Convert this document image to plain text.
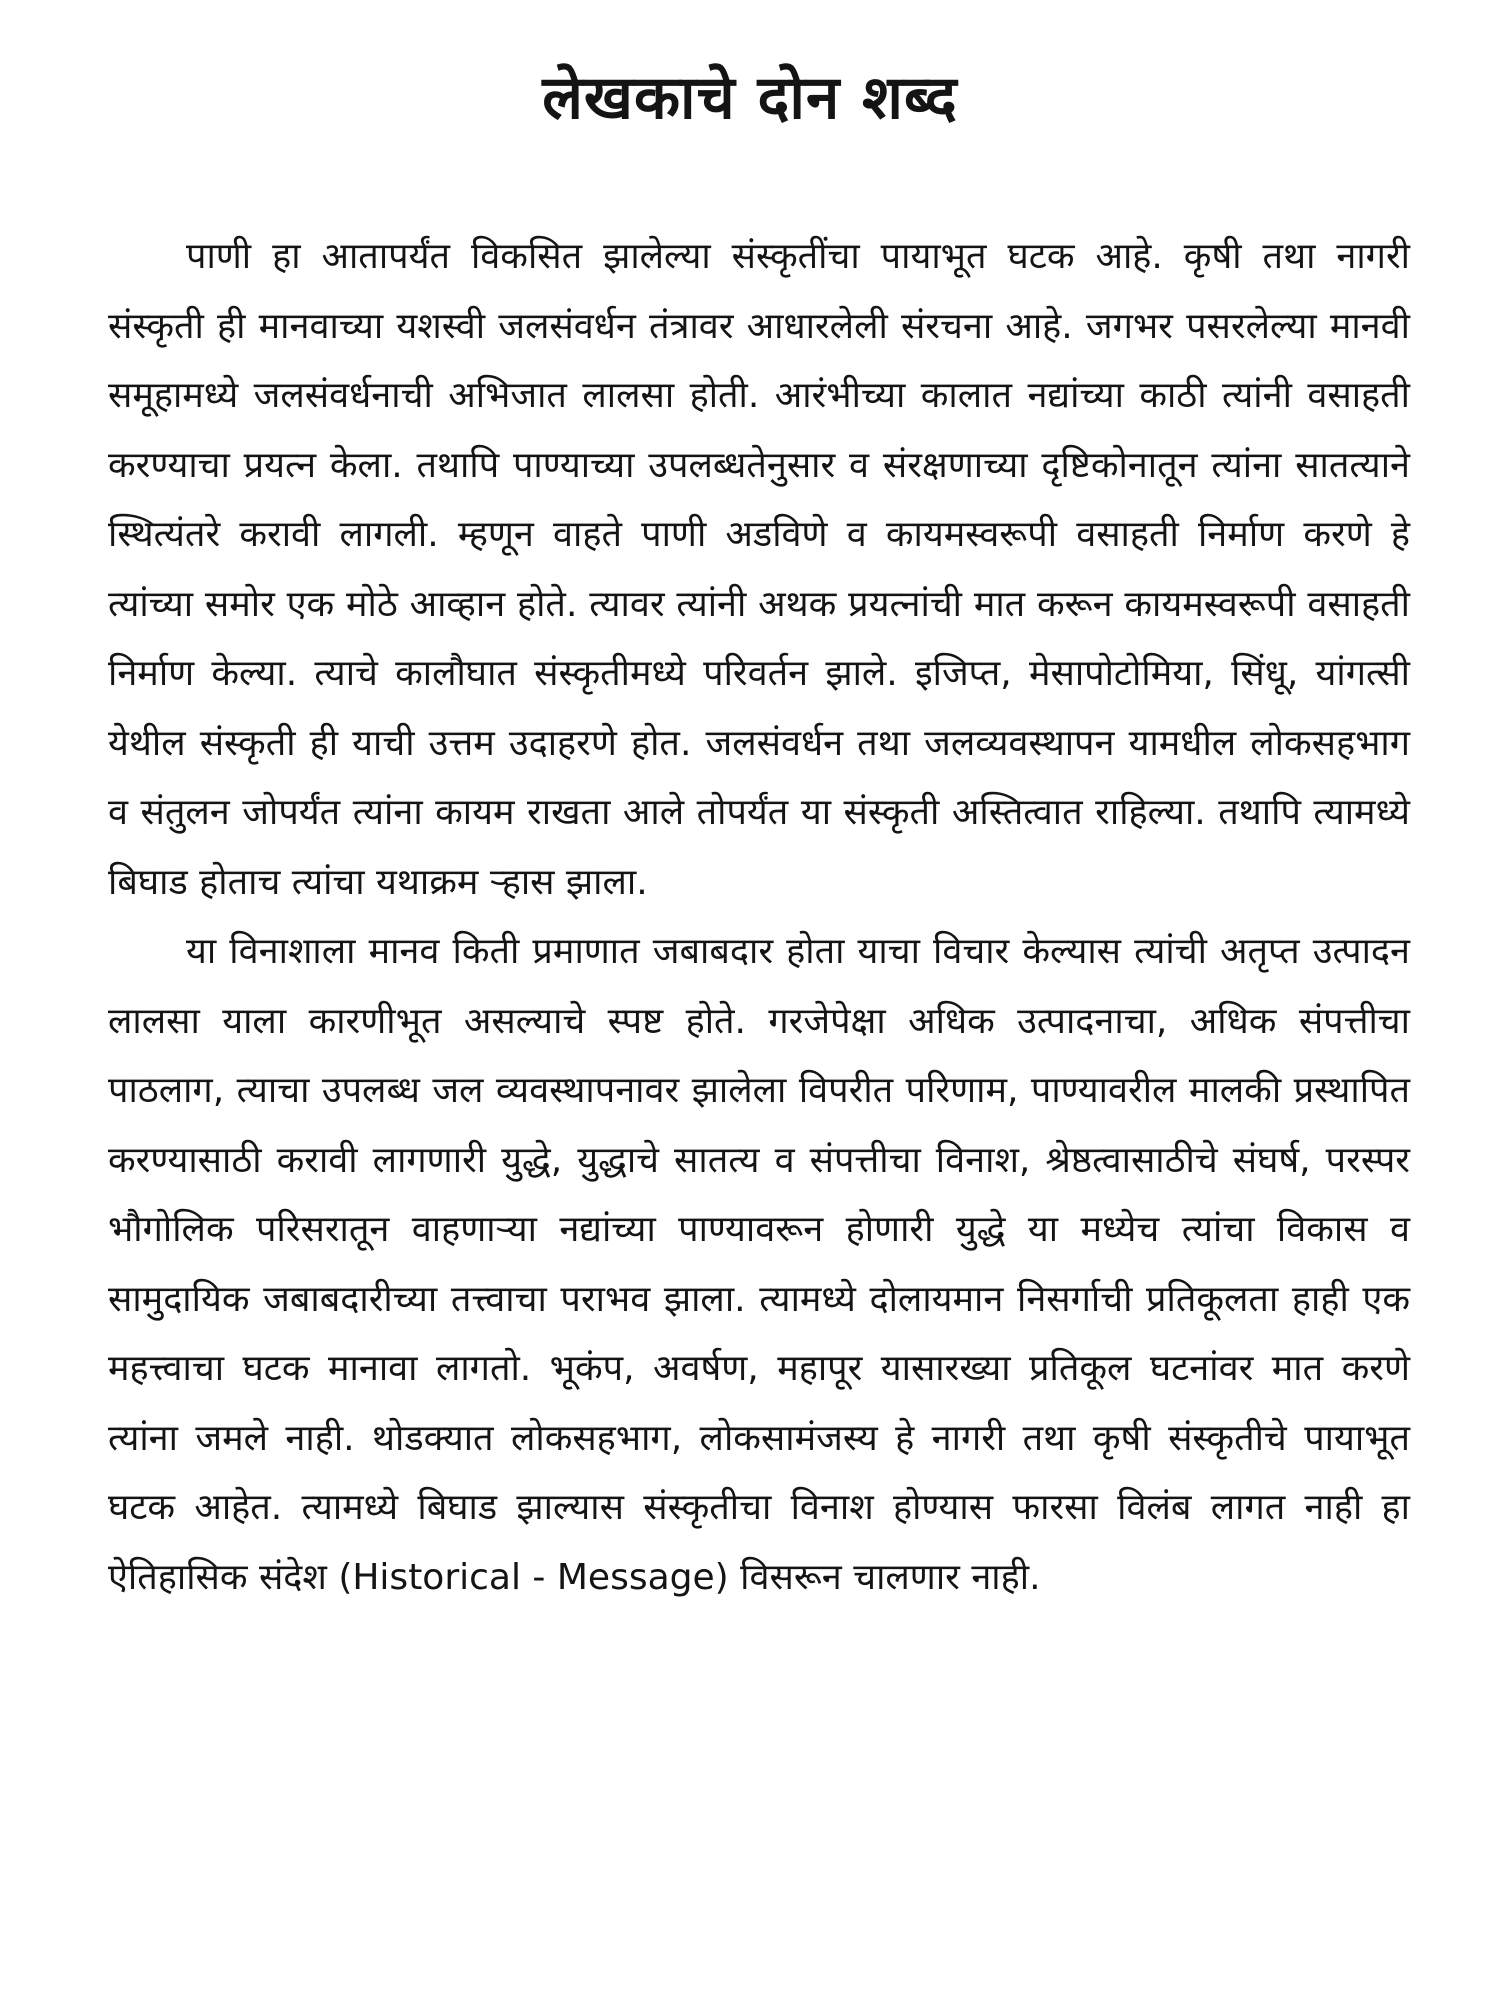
लेखकाचे दोन शब्द

पाणी हा आतापर्यंत विकसित झालेल्या संस्कृतींचा पायाभूत घटक आहे. कृषी तथा नागरी संस्कृती ही मानवाच्या यशस्वी जलसंवर्धन तंत्रावर आधारलेली संरचना आहे. जगभर पसरलेल्या मानवी समूहामध्ये जलसंवर्धनाची अभिजात लालसा होती. आरंभीच्या कालात नद्यांच्या काठी त्यांनी वसाहती करण्याचा प्रयत्न केला. तथापि पाण्याच्या उपलब्धतेनुसार व संरक्षणाच्या दृष्टिकोनातून त्यांना सातत्याने स्थित्यंतरे करावी लागली. म्हणून वाहते पाणी अडविणे व कायमस्वरूपी वसाहती निर्माण करणे हे त्यांच्या समोर एक मोठे आव्हान होते. त्यावर त्यांनी अथक प्रयत्नांची मात करून कायमस्वरूपी वसाहती निर्माण केल्या. त्याचे कालौघात संस्कृतीमध्ये परिवर्तन झाले. इजिप्त, मेसापोटोमिया, सिंधू, यांगत्सी येथील संस्कृती ही याची उत्तम उदाहरणे होत. जलसंवर्धन तथा जलव्यवस्थापन यामधील लोकसहभाग व संतुलन जोपर्यंत त्यांना कायम राखता आले तोपर्यंत या संस्कृती अस्तित्वात राहिल्या. तथापि त्यामध्ये बिघाड होताच त्यांचा यथाक्रम ऱ्हास झाला.

या विनाशाला मानव किती प्रमाणात जबाबदार होता याचा विचार केल्यास त्यांची अतृप्त उत्पादन लालसा याला कारणीभूत असल्याचे स्पष्ट होते. गरजेपेक्षा अधिक उत्पादनाचा, अधिक संपत्तीचा पाठलाग, त्याचा उपलब्ध जल व्यवस्थापनावर झालेला विपरीत परिणाम, पाण्यावरील मालकी प्रस्थापित करण्यासाठी करावी लागणारी युद्धे, युद्धाचे सातत्य व संपत्तीचा विनाश, श्रेष्ठत्वासाठीचे संघर्ष, परस्पर भौगोलिक परिसरातून वाहणाऱ्या नद्यांच्या पाण्यावरून होणारी युद्धे या मध्येच त्यांचा विकास व सामुदायिक जबाबदारीच्या तत्त्वाचा पराभव झाला. त्यामध्ये दोलायमान निसर्गाची प्रतिकूलता हाही एक महत्त्वाचा घटक मानावा लागतो. भूकंप, अवर्षण, महापूर यासारख्या प्रतिकूल घटनांवर मात करणे त्यांना जमले नाही. थोडक्यात लोकसहभाग, लोकसामंजस्य हे नागरी तथा कृषी संस्कृतीचे पायाभूत घटक आहेत. त्यामध्ये बिघाड झाल्यास संस्कृतीचा विनाश होण्यास फारसा विलंब लागत नाही हा ऐतिहासिक संदेश (Historical - Message) विसरून चालणार नाही.
